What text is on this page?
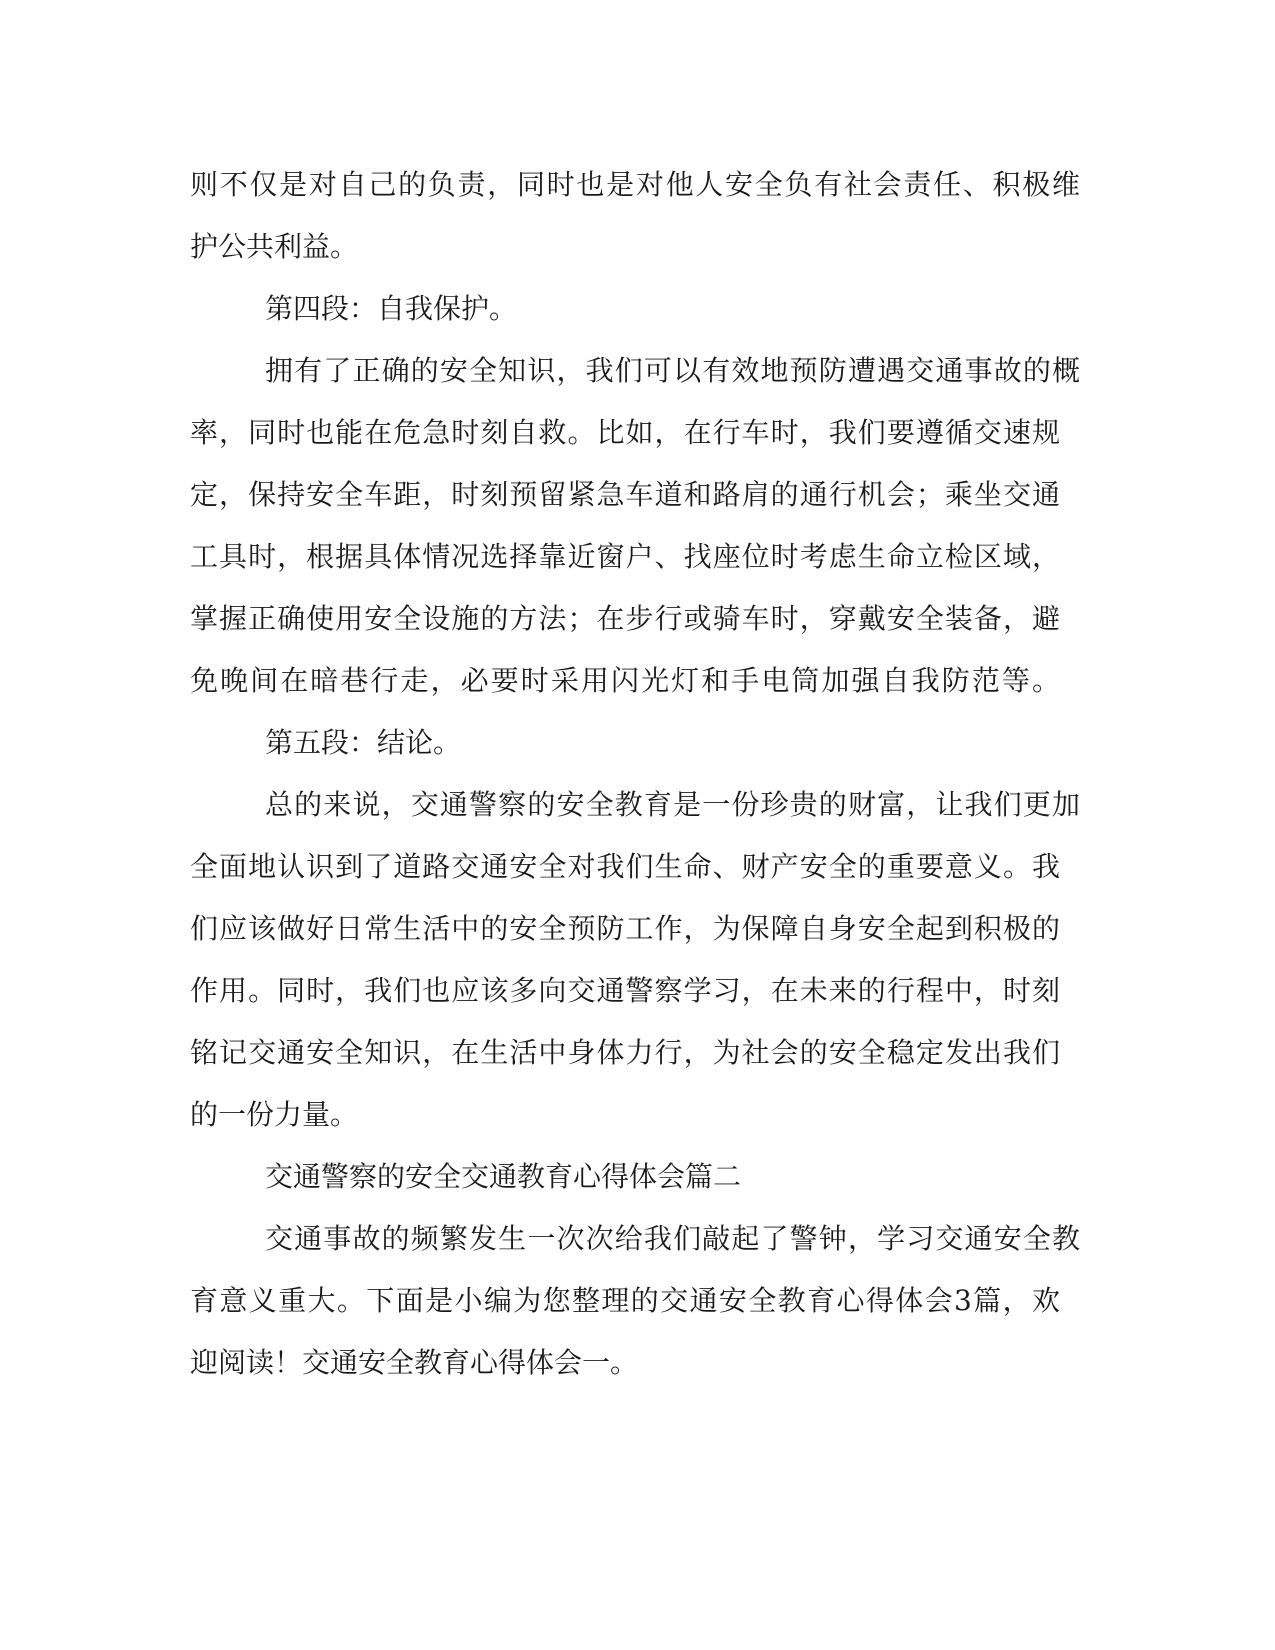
则不仅是对自己的负责，同时也是对他人安全负有社会责任、积极维
护公共利益。
第四段：自我保护。
拥有了正确的安全知识，我们可以有效地预防遭遇交通事故的概
率，同时也能在危急时刻自救。比如，在行车时，我们要遵循交速规
定，保持安全车距，时刻预留紧急车道和路肩的通行机会；乘坐交通
工具时，根据具体情况选择靠近窗户、找座位时考虑生命立检区域，
掌握正确使用安全设施的方法；在步行或骑车时，穿戴安全装备，避
免晚间在暗巷行走，必要时采用闪光灯和手电筒加强自我防范等。
第五段：结论。
总的来说，交通警察的安全教育是一份珍贵的财富，让我们更加
全面地认识到了道路交通安全对我们生命、财产安全的重要意义。我
们应该做好日常生活中的安全预防工作，为保障自身安全起到积极的
作用。同时，我们也应该多向交通警察学习，在未来的行程中，时刻
铭记交通安全知识，在生活中身体力行，为社会的安全稳定发出我们
的一份力量。
交通警察的安全交通教育心得体会篇二
交通事故的频繁发生一次次给我们敲起了警钟，学习交通安全教
育意义重大。下面是小编为您整理的交通安全教育心得体会3篇，欢
迎阅读！交通安全教育心得体会一。
